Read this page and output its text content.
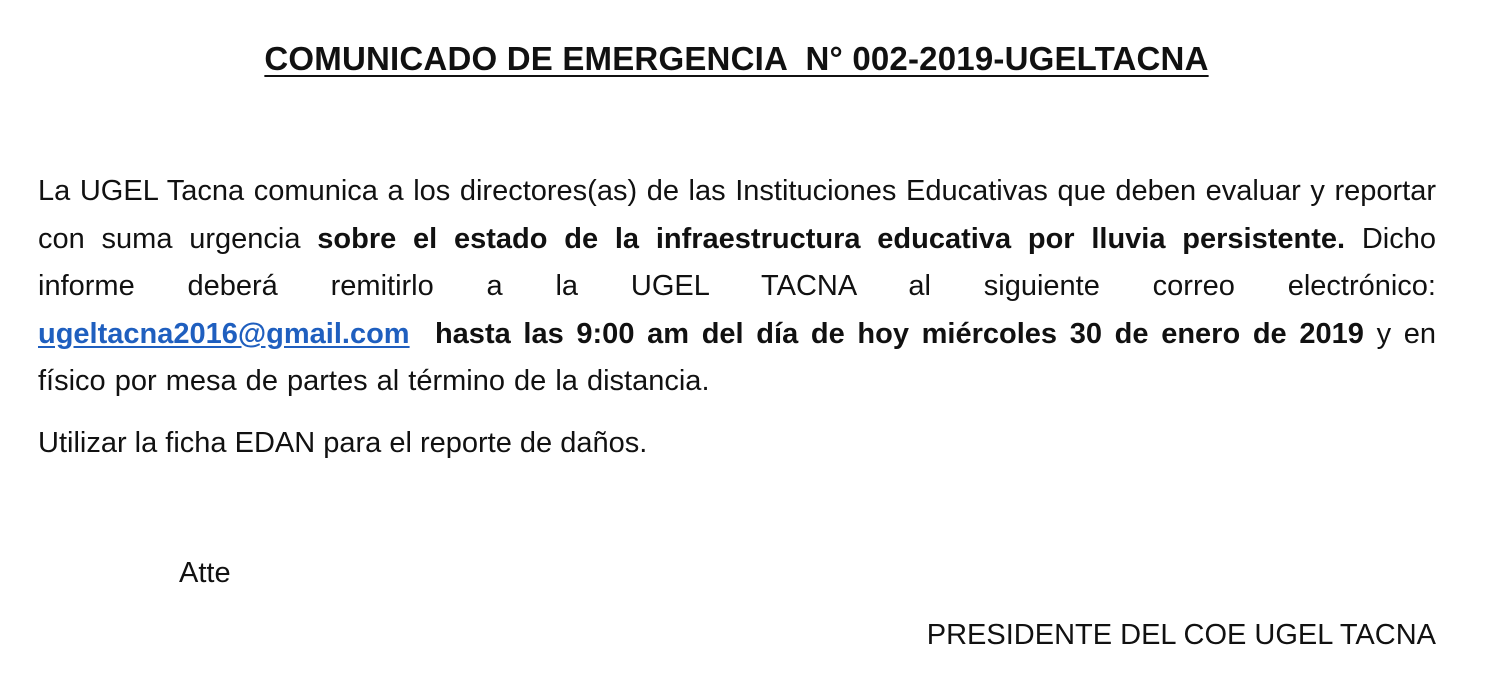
COMUNICADO DE EMERGENCIA  N° 002-2019-UGELTACNA
La UGEL Tacna comunica a los directores(as) de las Instituciones Educativas que deben evaluar y reportar con suma urgencia sobre el estado de la infraestructura educativa por lluvia persistente. Dicho informe deberá remitirlo a la UGEL TACNA al siguiente correo electrónico: ugeltacna2016@gmail.com hasta las 9:00 am del día de hoy miércoles 30 de enero de 2019 y en físico por mesa de partes al término de la distancia.
Utilizar la ficha EDAN para el reporte de daños.
Atte
PRESIDENTE DEL COE UGEL TACNA
